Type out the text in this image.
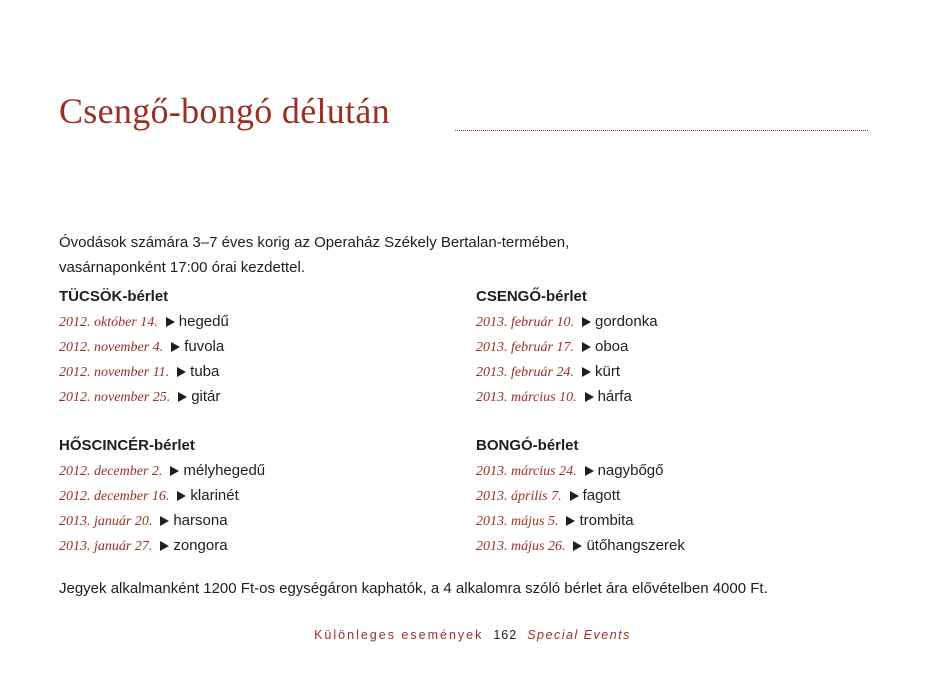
Csengő-bongó délután
Óvodások számára 3–7 éves korig az Operaház Székely Bertalan-termében,
vasárnaponként 17:00 órai kezdettel.
TÜCSÖK-bérlet
2012. október 14. hegedű
2012. november 4. fuvola
2012. november 11. tuba
2012. november 25. gitár
CSENGŐ-bérlet
2013. február 10. gordonka
2013. február 17. oboa
2013. február 24. kürt
2013. március 10. hárfa
HŐSCINCÉR-bérlet
2012. december 2. mélyhegedű
2012. december 16. klarinét
2013. január 20. harsona
2013. január 27. zongora
BONGÓ-bérlet
2013. március 24. nagybőgő
2013. április 7. fagott
2013. május 5. trombita
2013. május 26. ütőhangszerek
Jegyek alkalmanként 1200 Ft-os egységáron kaphatók, a 4 alkalomra szóló bérlet ára elővételben 4000 Ft.
Különleges események 162 Special Events
